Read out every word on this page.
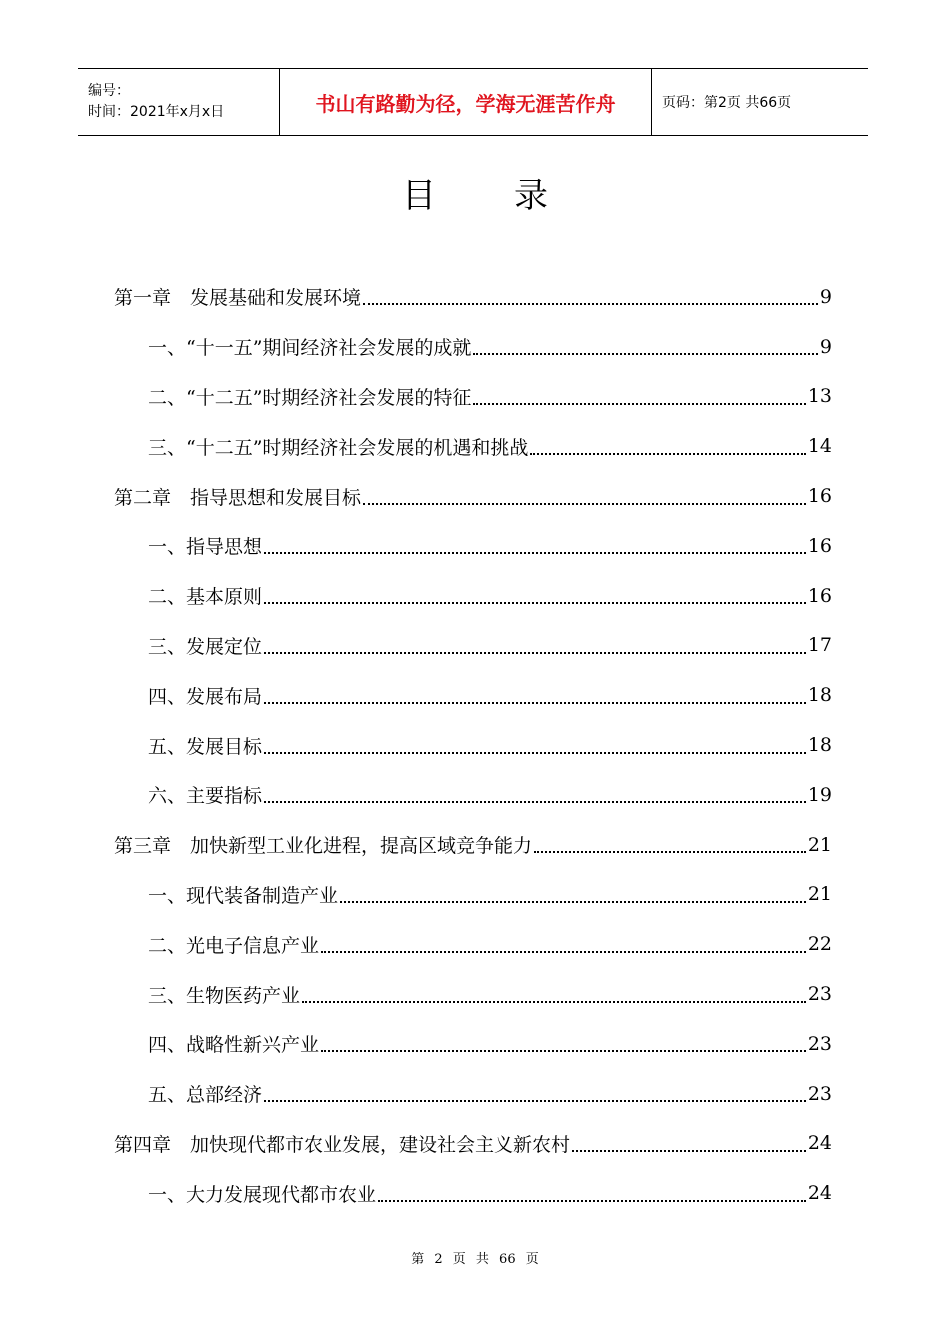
编号：
时间：2021年x月x日	书山有路勤为径，学海无涯苦作舟	页码：第2页 共66页
目录
第一章　发展基础和发展环境	9
一、“十一五”期间经济社会发展的成就	9
二、“十二五”时期经济社会发展的特征	13
三、“十二五”时期经济社会发展的机遇和挑战	14
第二章　指导思想和发展目标	16
一、指导思想	16
二、基本原则	16
三、发展定位	17
四、发展布局	18
五、发展目标	18
六、主要指标	19
第三章　加快新型工业化进程，提高区域竞争能力	21
一、现代装备制造产业	21
二、光电子信息产业	22
三、生物医药产业	23
四、战略性新兴产业	23
五、总部经济	23
第四章　加快现代都市农业发展，建设社会主义新农村	24
一、大力发展现代都市农业	24
第 2 页 共 66 页
